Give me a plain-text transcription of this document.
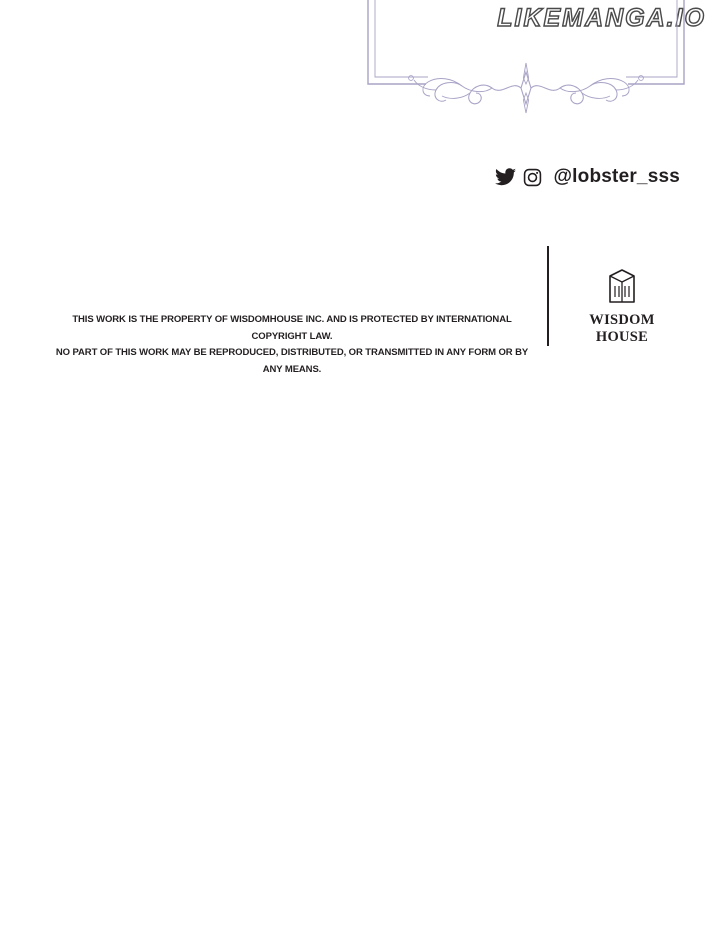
LIKEMANGA.IO
@lobster_sss
THIS WORK IS THE PROPERTY OF WISDOMHOUSE INC. AND IS PROTECTED BY INTERNATIONAL COPYRIGHT LAW.
NO PART OF THIS WORK MAY BE REPRODUCED, DISTRIBUTED, OR TRANSMITTED IN ANY FORM OR BY ANY MEANS.
WISDOM
HOUSE
